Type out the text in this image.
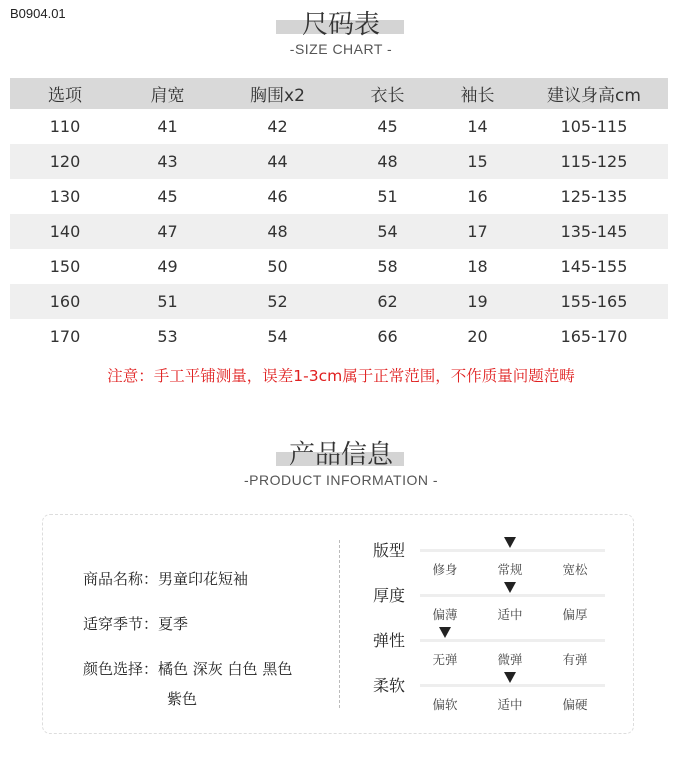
B0904.01	尺码表
-SIZE CHART -
选项	肩宽	胸围x2	衣长	袖长	建议身高cm
110	41	42	45	14	105-115
120	43	44	48	15	115-125
130	45	46	51	16	125-135
140	47	48	54	17	135-145
150	49	50	58	18	145-155
160	51	52	62	19	155-165
170	53	54	66	20	165-170
注意：手工平铺测量，误差1-3cm属于正常范围，不作质量问题范畴
产品信息
-PRODUCT INFORMATION -
商品名称：男童印花短袖
适穿季节：夏季
颜色选择：橘色 深灰 白色 黑色
紫色
版型
修身	常规	宽松
厚度
偏薄	适中	偏厚
弹性
无弹	微弹	有弹
柔软
偏软	适中	偏硬
